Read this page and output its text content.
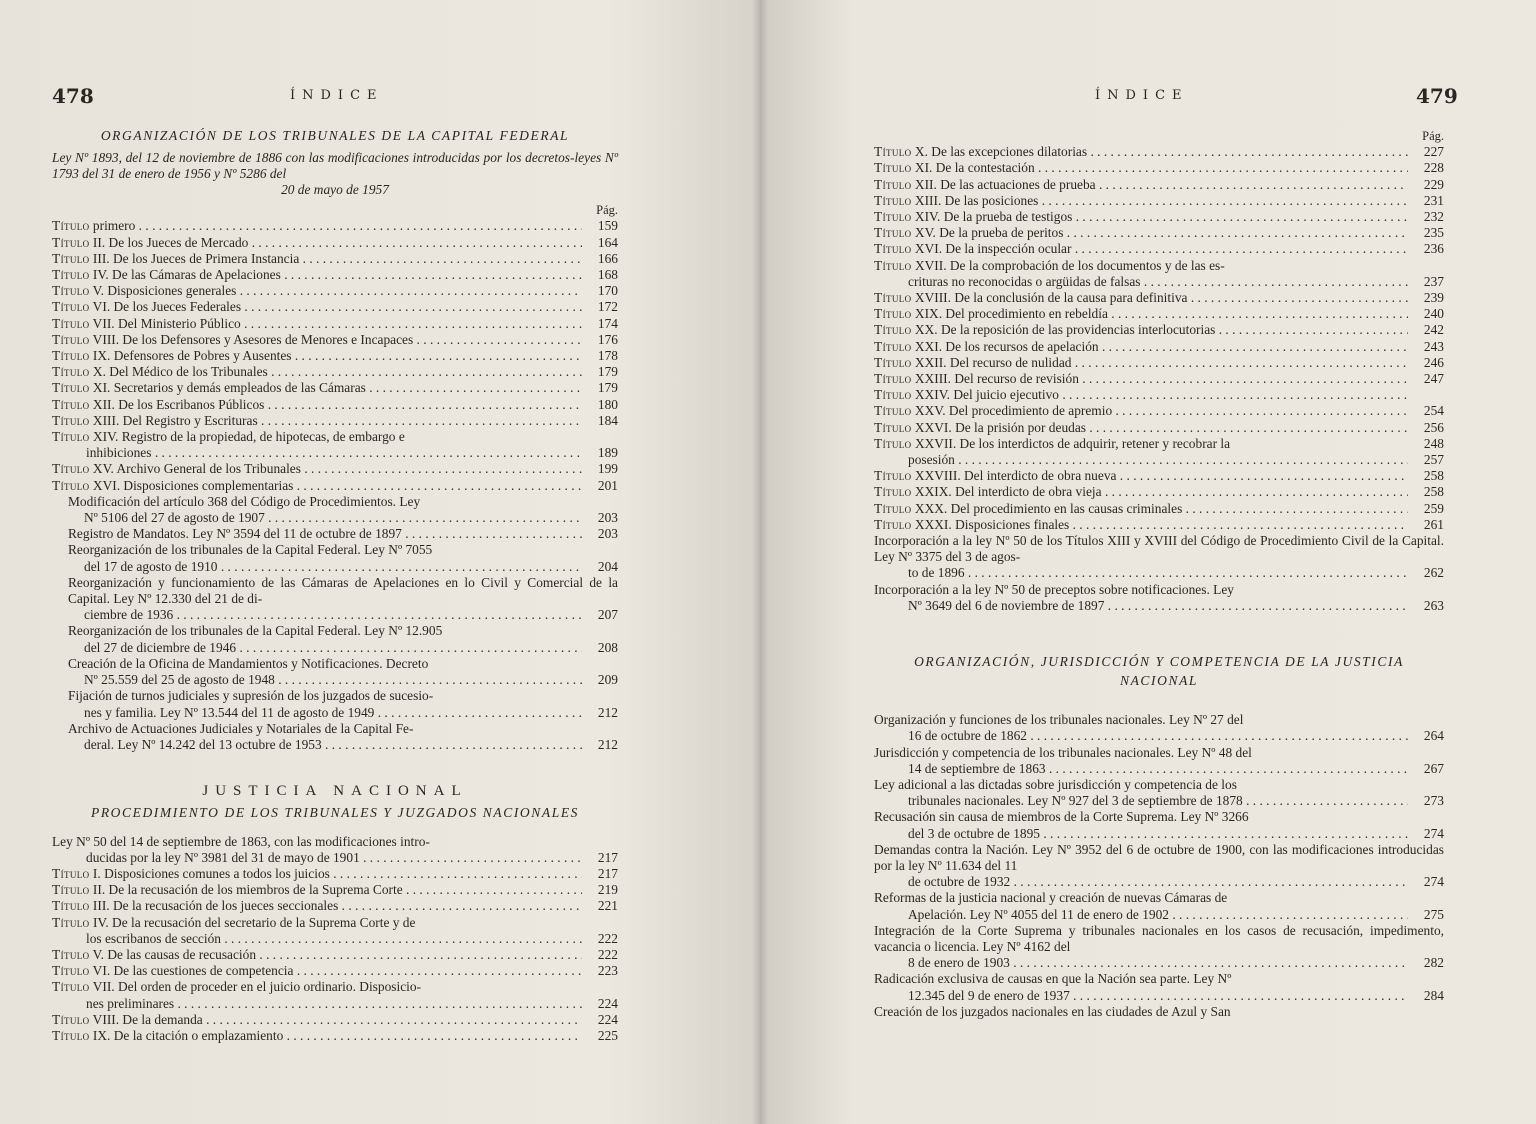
478	ÍNDICE

ORGANIZACIÓN DE LOS TRIBUNALES DE LA CAPITAL FEDERAL

Ley Nº 1893, del 12 de noviembre de 1886 con las modificaciones introducidas por los decretos-leyes Nº 1793 del 31 de enero de 1956 y Nº 5286 del

20 de mayo de 1957

Pág.

Título primero . . .	159
Título II. De los Jueces de Mercado . . .	164
Título III. De los Jueces de Primera Instancia . . .	166
Título IV. De las Cámaras de Apelaciones . . .	168
Título V. Disposiciones generales . . .	170
Título VI. De los Jueces Federales . . .	172
Título VII. Del Ministerio Público . . .	174
Título VIII. De los Defensores y Asesores de Menores e Incapaces . . .	176
Título IX. Defensores de Pobres y Ausentes . . .	178
Título X. Del Médico de los Tribunales . . .	179
Título XI. Secretarios y demás empleados de las Cámaras . . .	179
Título XII. De los Escribanos Públicos . . .	180
Título XIII. Del Registro y Escrituras . . .	184
Título XIV. Registro de la propiedad, de hipotecas, de embargo e
inhibiciones . . .	189
Título XV. Archivo General de los Tribunales . . .	199
Título XVI. Disposiciones complementarias . . .	201
Modificación del artículo 368 del Código de Procedimientos. Ley
Nº 5106 del 27 de agosto de 1907 . . .	203
Registro de Mandatos. Ley Nº 3594 del 11 de octubre de 1897 . . .	203
Reorganización de los tribunales de la Capital Federal. Ley Nº 7055
del 17 de agosto de 1910 . . .	204
Reorganización y funcionamiento de las Cámaras de Apelaciones en lo Civil y Comercial de la Capital. Ley Nº 12.330 del 21 de di-
ciembre de 1936 . . .	207
Reorganización de los tribunales de la Capital Federal. Ley Nº 12.905
del 27 de diciembre de 1946 . . .	208
Creación de la Oficina de Mandamientos y Notificaciones. Decreto
Nº 25.559 del 25 de agosto de 1948 . . .	209
Fijación de turnos judiciales y supresión de los juzgados de sucesio-
nes y familia. Ley Nº 13.544 del 11 de agosto de 1949 . . .	212
Archivo de Actuaciones Judiciales y Notariales de la Capital Fe-
deral. Ley Nº 14.242 del 13 octubre de 1953 . . .	212

JUSTICIA NACIONAL

PROCEDIMIENTO DE LOS TRIBUNALES Y JUZGADOS NACIONALES

Ley Nº 50 del 14 de septiembre de 1863, con las modificaciones intro-
ducidas por la ley Nº 3981 del 31 de mayo de 1901 . . .	217
Título I. Disposiciones comunes a todos los juicios . . .	217
Título II. De la recusación de los miembros de la Suprema Corte . . .	219
Título III. De la recusación de los jueces seccionales . . .	221
Título IV. De la recusación del secretario de la Suprema Corte y de
los escribanos de sección . . .	222
Título V. De las causas de recusación . . .	222
Título VI. De las cuestiones de competencia . . .	223
Título VII. Del orden de proceder en el juicio ordinario. Disposicio-
nes preliminares . . .	224
Título VIII. De la demanda . . .	224
Título IX. De la citación o emplazamiento . . .	225
ÍNDICE	479

Pág.

Título X. De las excepciones dilatorias . . .	227
Título XI. De la contestación . . .	228
Título XII. De las actuaciones de prueba . . .	229
Título XIII. De las posiciones . . .	231
Título XIV. De la prueba de testigos . . .	232
Título XV. De la prueba de peritos . . .	235
Título XVI. De la inspección ocular . . .	236
Título XVII. De la comprobación de los documentos y de las es-
crituras no reconocidas o argüidas de falsas . . .	237
Título XVIII. De la conclusión de la causa para definitiva . . .	239
Título XIX. Del procedimiento en rebeldía . . .	240
Título XX. De la reposición de las providencias interlocutorias . . .	242
Título XXI. De los recursos de apelación . . .	243
Título XXII. Del recurso de nulidad . . .	246
Título XXIII. Del recurso de revisión . . .	247
Título XXIV. Del juicio ejecutivo . . .
Título XXV. Del procedimiento de apremio . . .	254
Título XXVI. De la prisión por deudas . . .	256
Título XXVII. De los interdictos de adquirir, retener y recobrar la	248
posesión . . .	257
Título XXVIII. Del interdicto de obra nueva . . .	258
Título XXIX. Del interdicto de obra vieja . . .	258
Título XXX. Del procedimiento en las causas criminales . . .	259
Título XXXI. Disposiciones finales . . .	261
Incorporación a la ley Nº 50 de los Títulos XIII y XVIII del Código de Procedimiento Civil de la Capital. Ley Nº 3375 del 3 de agos-
to de 1896 . . .	262
Incorporación a la ley Nº 50 de preceptos sobre notificaciones. Ley
Nº 3649 del 6 de noviembre de 1897 . . .	263

ORGANIZACIÓN, JURISDICCIÓN Y COMPETENCIA DE LA JUSTICIA NACIONAL

Organización y funciones de los tribunales nacionales. Ley Nº 27 del
16 de octubre de 1862 . . .	264
Jurisdicción y competencia de los tribunales nacionales. Ley Nº 48 del
14 de septiembre de 1863 . . .	267
Ley adicional a las dictadas sobre jurisdicción y competencia de los
tribunales nacionales. Ley Nº 927 del 3 de septiembre de 1878 . . .	273
Recusación sin causa de miembros de la Corte Suprema. Ley Nº 3266
del 3 de octubre de 1895 . . .	274
Demandas contra la Nación. Ley Nº 3952 del 6 de octubre de 1900, con las modificaciones introducidas por la ley Nº 11.634 del 11
de octubre de 1932 . . .	274
Reformas de la justicia nacional y creación de nuevas Cámaras de
Apelación. Ley Nº 4055 del 11 de enero de 1902 . . .	275
Integración de la Corte Suprema y tribunales nacionales en los casos de recusación, impedimento, vacancia o licencia. Ley Nº 4162 del
8 de enero de 1903 . . .	282
Radicación exclusiva de causas en que la Nación sea parte. Ley Nº
12.345 del 9 de enero de 1937 . . .	284
Creación de los juzgados nacionales en las ciudades de Azul y San
